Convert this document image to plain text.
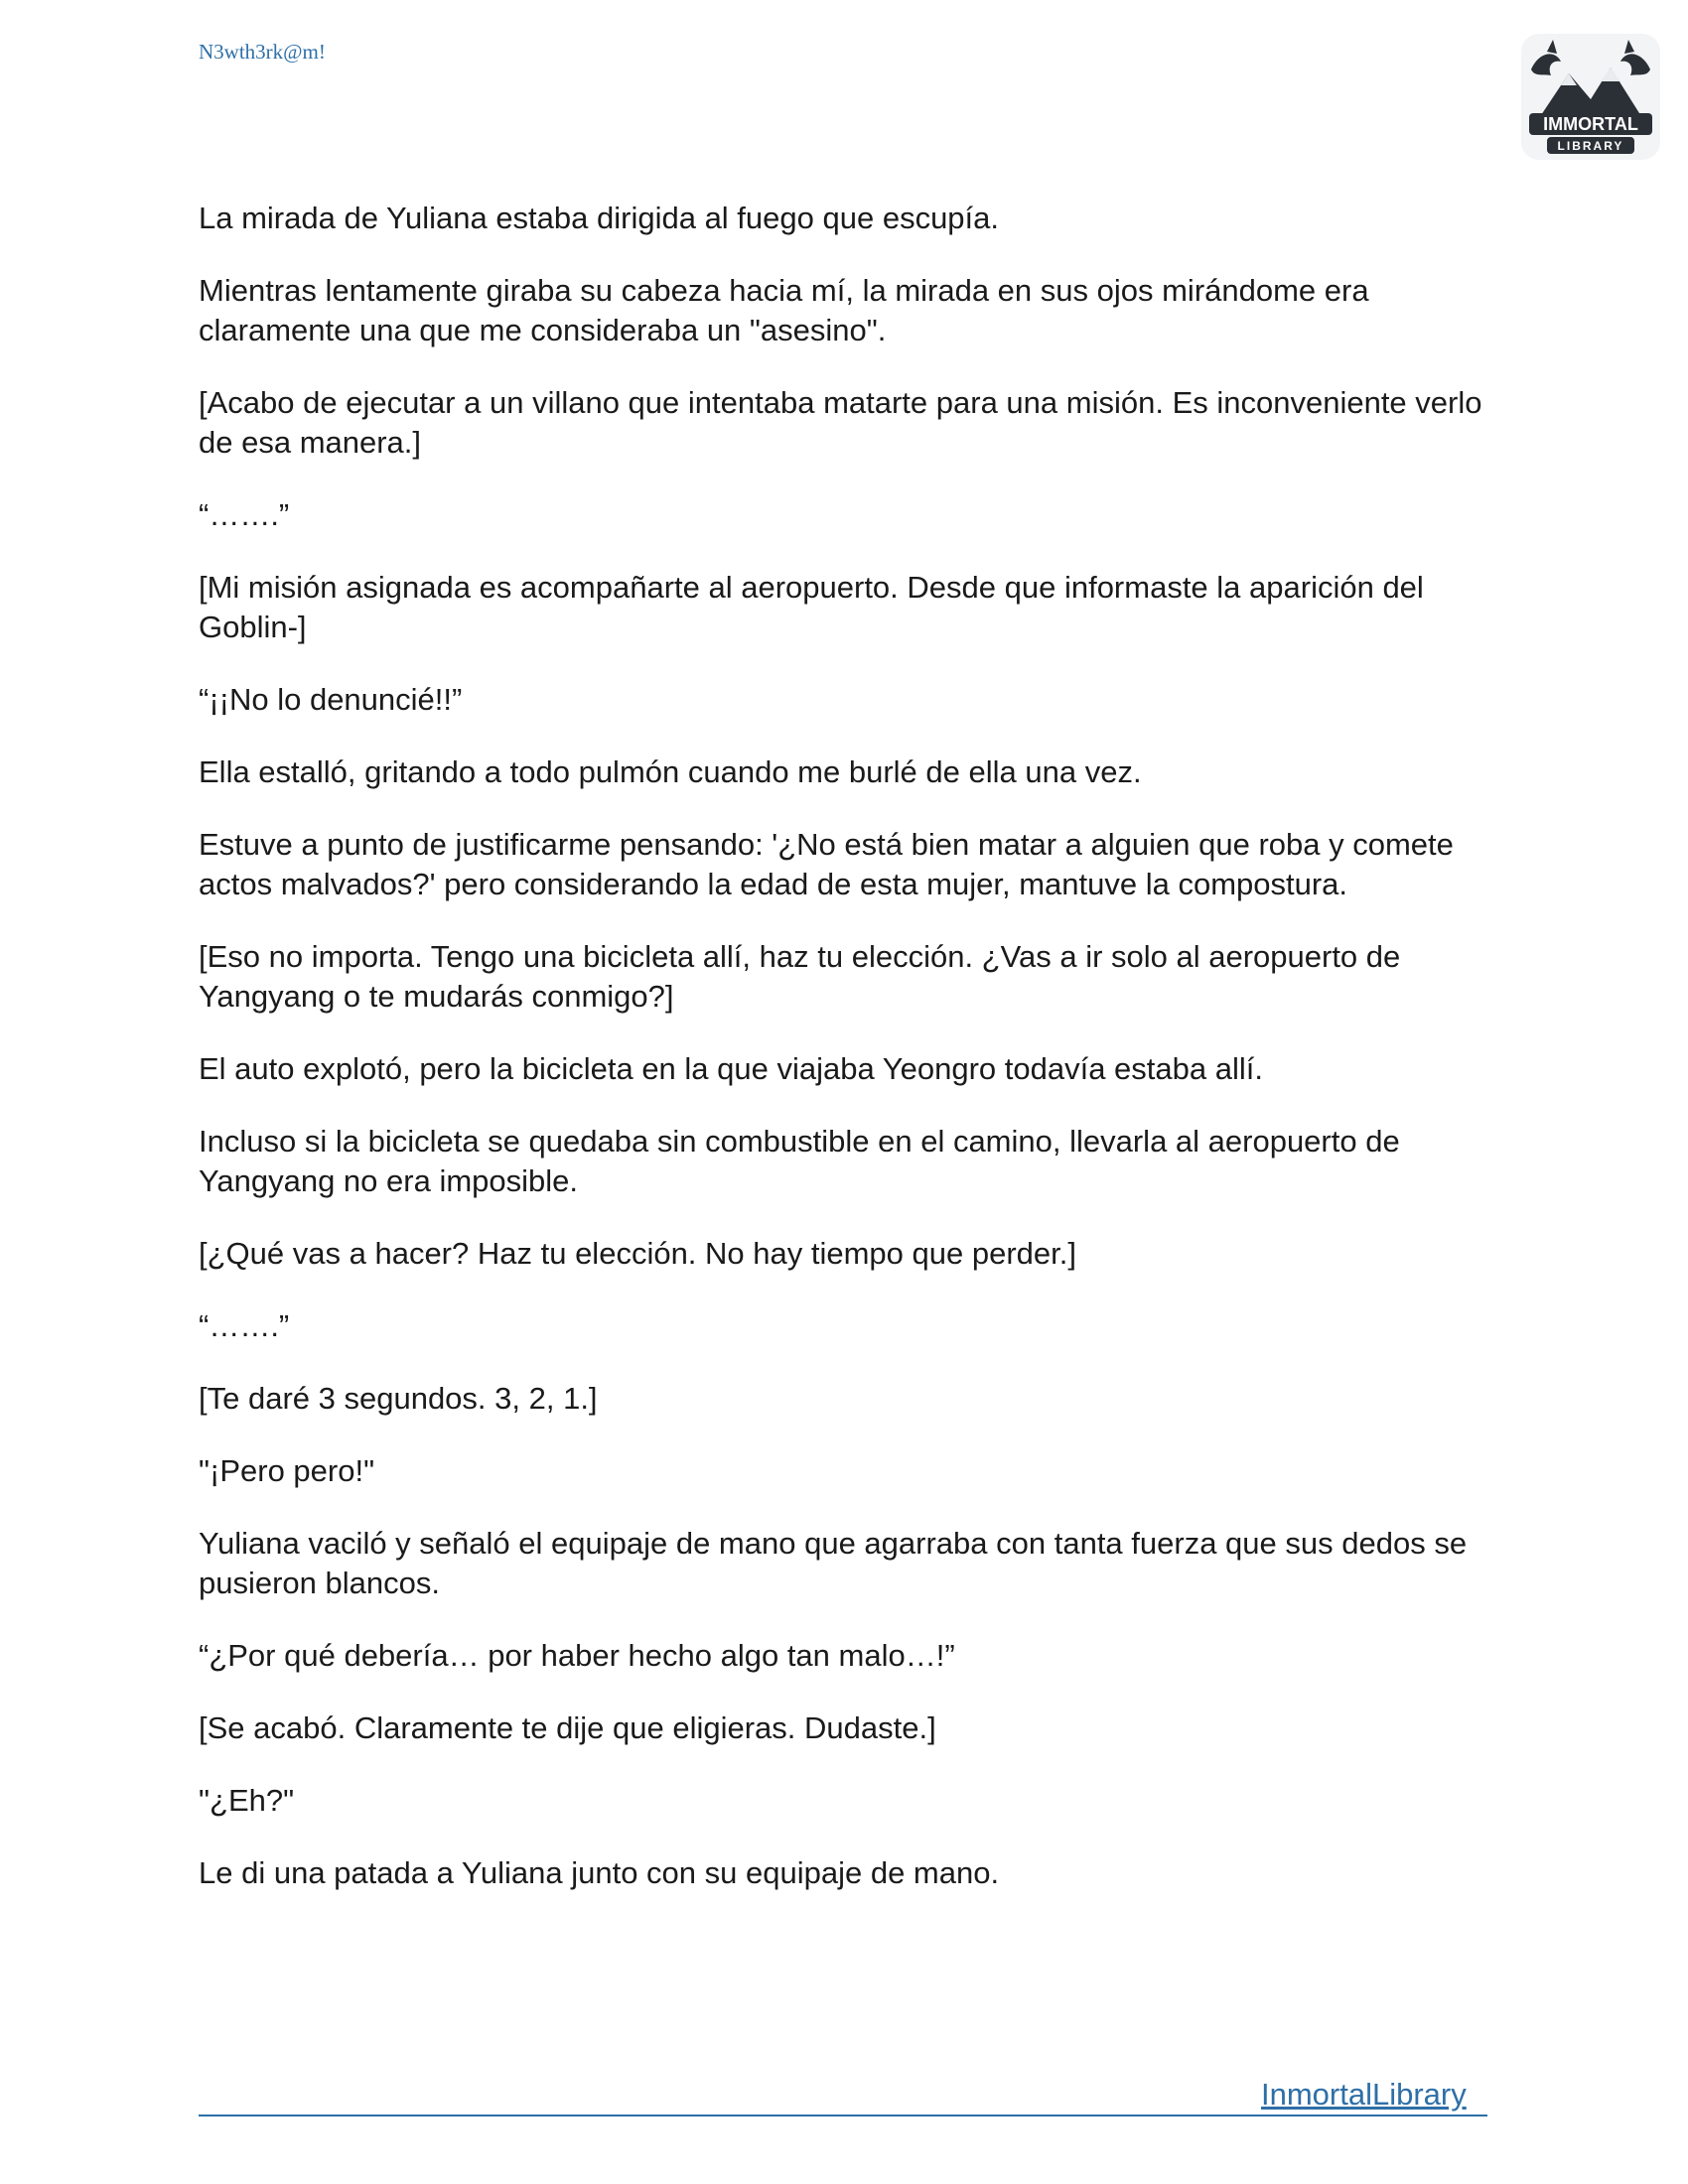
N3wth3rk@m!
IMMORTAL
LIBRARY

La mirada de Yuliana estaba dirigida al fuego que escupía.

Mientras lentamente giraba su cabeza hacia mí, la mirada en sus ojos mirándome era claramente una que me consideraba un "asesino".

[Acabo de ejecutar a un villano que intentaba matarte para una misión. Es inconveniente verlo de esa manera.]

“…….”

[Mi misión asignada es acompañarte al aeropuerto. Desde que informaste la aparición del Goblin-]

“¡¡No lo denuncié!!”

Ella estalló, gritando a todo pulmón cuando me burlé de ella una vez.

Estuve a punto de justificarme pensando: '¿No está bien matar a alguien que roba y comete actos malvados?' pero considerando la edad de esta mujer, mantuve la compostura.

[Eso no importa. Tengo una bicicleta allí, haz tu elección. ¿Vas a ir solo al aeropuerto de Yangyang o te mudarás conmigo?]

El auto explotó, pero la bicicleta en la que viajaba Yeongro todavía estaba allí.

Incluso si la bicicleta se quedaba sin combustible en el camino, llevarla al aeropuerto de Yangyang no era imposible.

[¿Qué vas a hacer? Haz tu elección. No hay tiempo que perder.]

“…….”

[Te daré 3 segundos. 3, 2, 1.]

"¡Pero pero!"

Yuliana vaciló y señaló el equipaje de mano que agarraba con tanta fuerza que sus dedos se pusieron blancos.

“¿Por qué debería… por haber hecho algo tan malo…!”

[Se acabó. Claramente te dije que eligieras. Dudaste.]

"¿Eh?"

Le di una patada a Yuliana junto con su equipaje de mano.

InmortalLibrary
